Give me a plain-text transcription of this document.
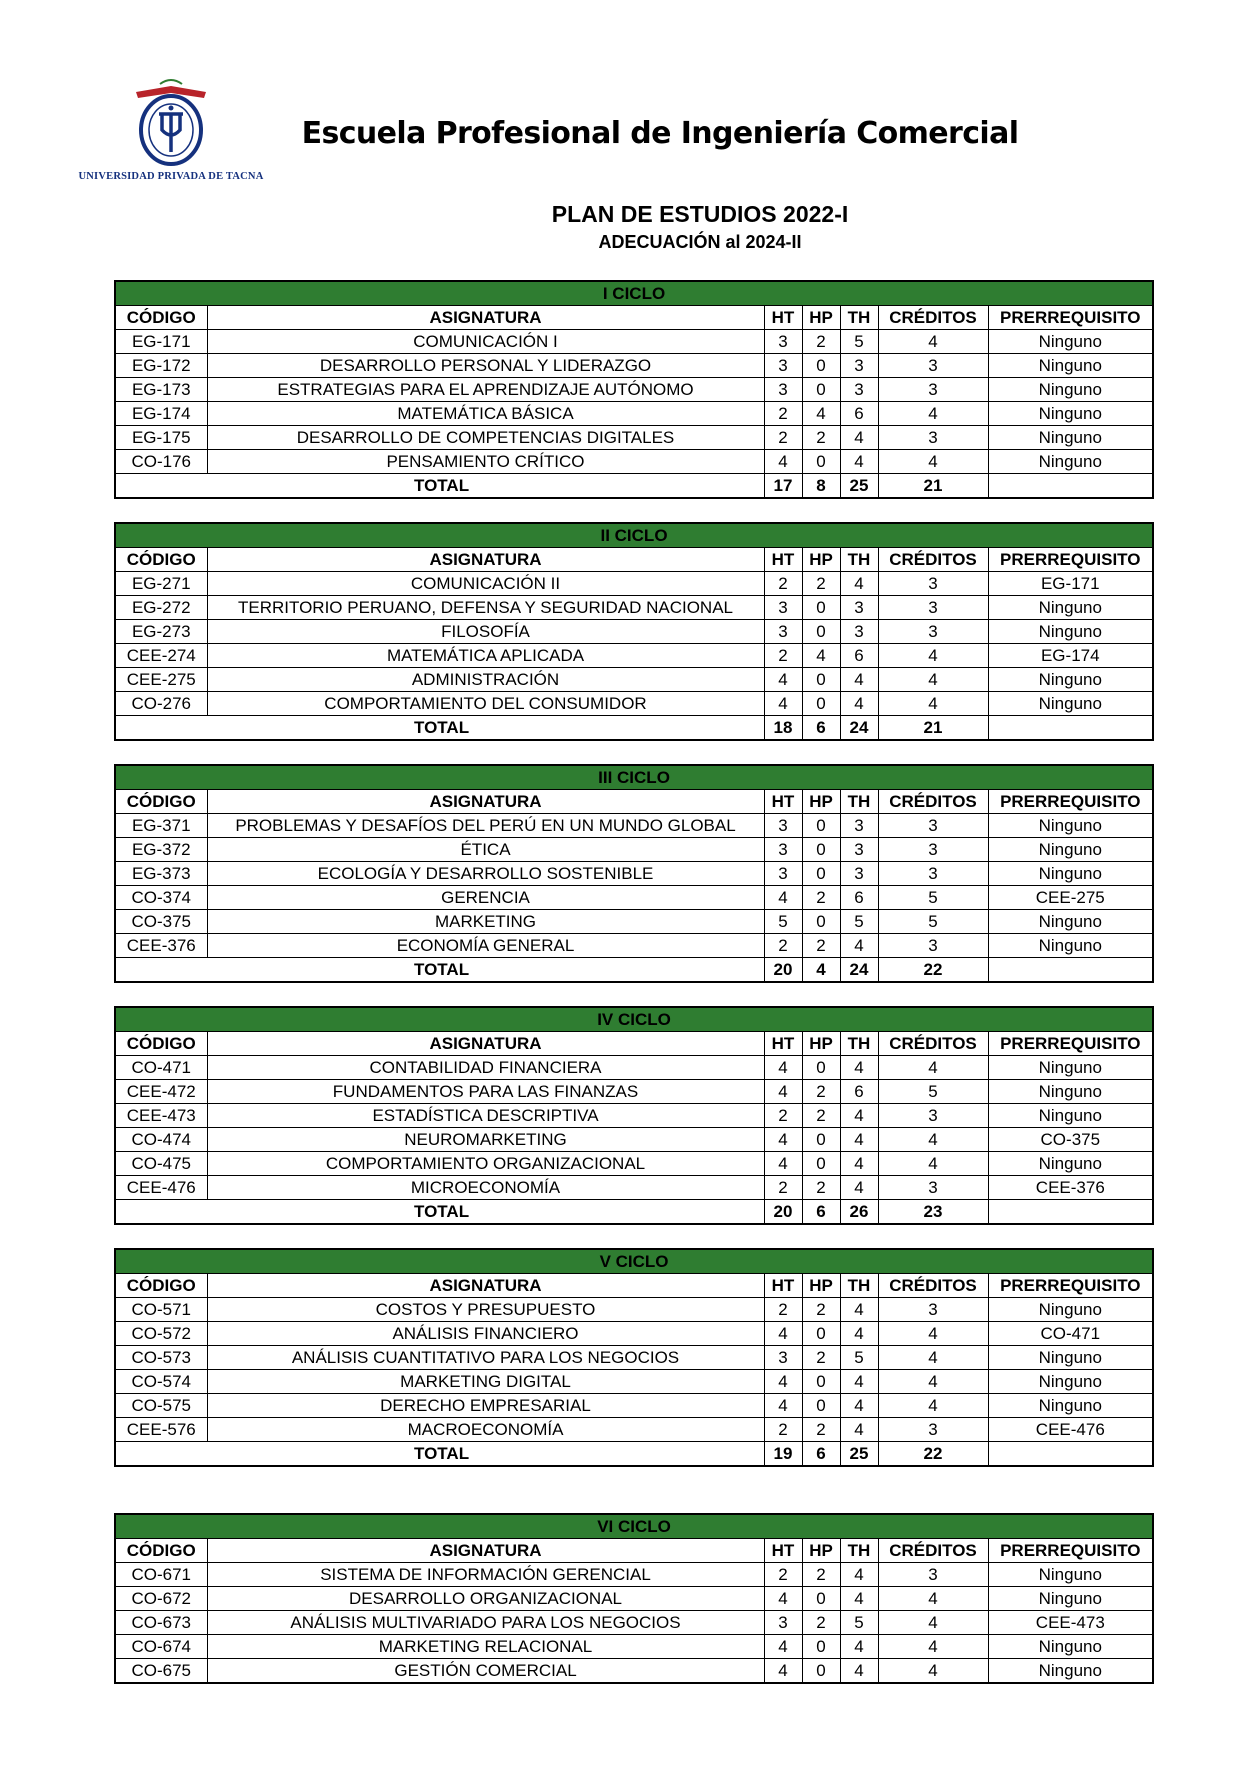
UNIVERSIDAD PRIVADA DE TACNA
Escuela Profesional de Ingeniería Comercial
PLAN DE ESTUDIOS 2022-I
ADECUACIÓN al 2024-II
I CICLO						
CÓDIGO	ASIGNATURA	HT	HP	TH	CRÉDITOS	PRERREQUISITO
EG-171	COMUNICACIÓN I	3	2	5	4	Ninguno
EG-172	DESARROLLO PERSONAL Y LIDERAZGO	3	0	3	3	Ninguno
EG-173	ESTRATEGIAS PARA EL APRENDIZAJE AUTÓNOMO	3	0	3	3	Ninguno
EG-174	MATEMÁTICA BÁSICA	2	4	6	4	Ninguno
EG-175	DESARROLLO DE COMPETENCIAS DIGITALES	2	2	4	3	Ninguno
CO-176	PENSAMIENTO CRÍTICO	4	0	4	4	Ninguno
TOTAL		17	8	25	21	
II CICLO						
CÓDIGO	ASIGNATURA	HT	HP	TH	CRÉDITOS	PRERREQUISITO
EG-271	COMUNICACIÓN II	2	2	4	3	EG-171
EG-272	TERRITORIO PERUANO, DEFENSA Y SEGURIDAD NACIONAL	3	0	3	3	Ninguno
EG-273	FILOSOFÍA	3	0	3	3	Ninguno
CEE-274	MATEMÁTICA APLICADA	2	4	6	4	EG-174
CEE-275	ADMINISTRACIÓN	4	0	4	4	Ninguno
CO-276	COMPORTAMIENTO DEL CONSUMIDOR	4	0	4	4	Ninguno
TOTAL		18	6	24	21	
III CICLO						
CÓDIGO	ASIGNATURA	HT	HP	TH	CRÉDITOS	PRERREQUISITO
EG-371	PROBLEMAS Y DESAFÍOS DEL PERÚ EN UN MUNDO GLOBAL	3	0	3	3	Ninguno
EG-372	ÉTICA	3	0	3	3	Ninguno
EG-373	ECOLOGÍA Y DESARROLLO SOSTENIBLE	3	0	3	3	Ninguno
CO-374	GERENCIA	4	2	6	5	CEE-275
CO-375	MARKETING	5	0	5	5	Ninguno
CEE-376	ECONOMÍA GENERAL	2	2	4	3	Ninguno
TOTAL		20	4	24	22	
IV CICLO						
CÓDIGO	ASIGNATURA	HT	HP	TH	CRÉDITOS	PRERREQUISITO
CO-471	CONTABILIDAD FINANCIERA	4	0	4	4	Ninguno
CEE-472	FUNDAMENTOS PARA LAS FINANZAS	4	2	6	5	Ninguno
CEE-473	ESTADÍSTICA DESCRIPTIVA	2	2	4	3	Ninguno
CO-474	NEUROMARKETING	4	0	4	4	CO-375
CO-475	COMPORTAMIENTO ORGANIZACIONAL	4	0	4	4	Ninguno
CEE-476	MICROECONOMÍA	2	2	4	3	CEE-376
TOTAL		20	6	26	23	
V CICLO						
CÓDIGO	ASIGNATURA	HT	HP	TH	CRÉDITOS	PRERREQUISITO
CO-571	COSTOS Y PRESUPUESTO	2	2	4	3	Ninguno
CO-572	ANÁLISIS FINANCIERO	4	0	4	4	CO-471
CO-573	ANÁLISIS CUANTITATIVO PARA LOS NEGOCIOS	3	2	5	4	Ninguno
CO-574	MARKETING DIGITAL	4	0	4	4	Ninguno
CO-575	DERECHO EMPRESARIAL	4	0	4	4	Ninguno
CEE-576	MACROECONOMÍA	2	2	4	3	CEE-476
TOTAL		19	6	25	22	
VI CICLO						
CÓDIGO	ASIGNATURA	HT	HP	TH	CRÉDITOS	PRERREQUISITO
CO-671	SISTEMA DE INFORMACIÓN GERENCIAL	2	2	4	3	Ninguno
CO-672	DESARROLLO ORGANIZACIONAL	4	0	4	4	Ninguno
CO-673	ANÁLISIS MULTIVARIADO PARA LOS NEGOCIOS	3	2	5	4	CEE-473
CO-674	MARKETING RELACIONAL	4	0	4	4	Ninguno
CO-675	GESTIÓN COMERCIAL	4	0	4	4	Ninguno
